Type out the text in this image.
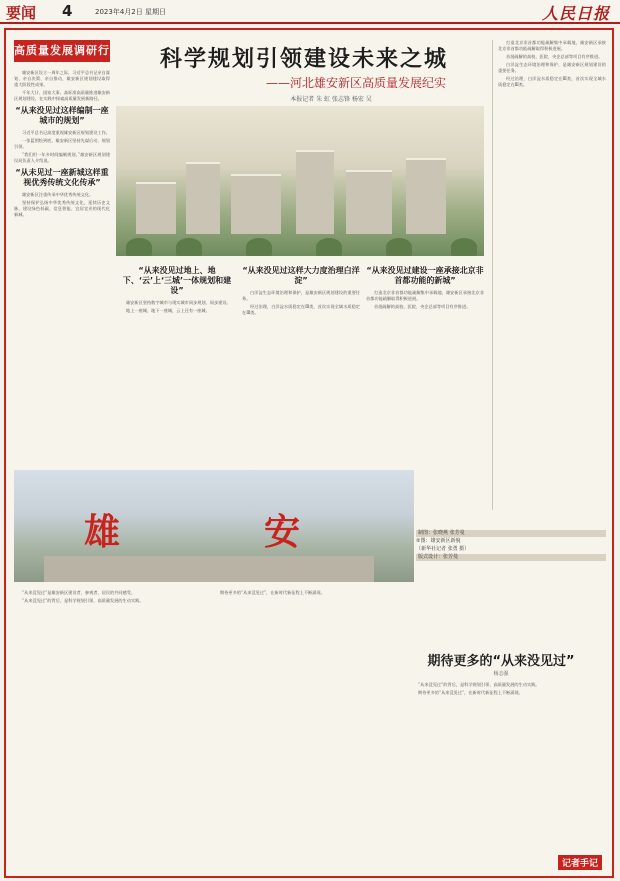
要闻 4	2023年4月2日 星期日	人民日报
高质量发展调研行	科学规划引领建设未来之城
——河北雄安新区高质量发展纪实
本报记者 朱 虹 张志锋 杨宏 吴

雄安新区设立一周年之际，习近平总书记亲自谋划、亲自决策、亲自推动，雄安新区规划建设取得重大阶段性成果。

千年大计、国家大事。高标准高质量推进雄安新区规划建设，在实践中探索高质量发展新路径。

“从来没见过这样编制一座城市的规划”

习近平总书记高度重视雄安新区规划建设工作。

一张蓝图绘到底，雄安新区坚持先谋后动、规划引领。

“我们用一年多时间编制规划，”雄安新区规划建设局负责人介绍说。

“从未见过一座新城这样重视优秀传统文化传承”

雄安新区注重传承中华优秀传统文化。

坚持保护弘扬中华优秀传统文化，延续历史文脉，建设绿色低碳、信息智能、宜居宜业的现代化新城。

“从来没见过地上、地下、‘云’上‘三城’一体规划和建设”

雄安新区坚持数字城市与现实城市同步规划、同步建设。

地上一座城，地下一座城，云上还有一座城。

“从来没见过这样大力度治理白洋淀”

白洋淀生态环境治理和保护，是雄安新区规划建设的重要任务。

经过治理，白洋淀水质稳定在Ⅲ类，首次实现全域水质稳定在Ⅲ类。

“从来没见过建设一座承接北京非首都功能的新城”

打造北京非首都功能疏解集中承载地，雄安新区承接北京非首都功能疏解取得积极进展。

首批疏解的高校、医院、央企总部等项目有序推进。

打造北京非首都功能疏解集中承载地，雄安新区承接北京非首都功能疏解取得积极进展。

首批疏解的高校、医院、央企总部等项目有序推进。

白洋淀生态环境治理和保护，是雄安新区规划建设的重要任务。

经过治理，白洋淀水质稳定在Ⅲ类，首次实现全域水质稳定在Ⅲ类。

雄	安	制图：张晓燕 张芳曼
②图：雄安新区新貌
（新华社记者 张勇 摄）
版式设计：张芳曼
期待更多的“从来没见过”
杨志强

“从来没见过”是雄安新区建设者、参观者、居民的共同感受。

“从来没见过”的背后，是科学规划引领、高质量发展的生动实践。

期待更多的“从来没见过”，在新时代新征程上不断涌现。

“从来没见过”的背后，是科学规划引领、高质量发展的生动实践。

期待更多的“从来没见过”，在新时代新征程上不断涌现。

记者手记
